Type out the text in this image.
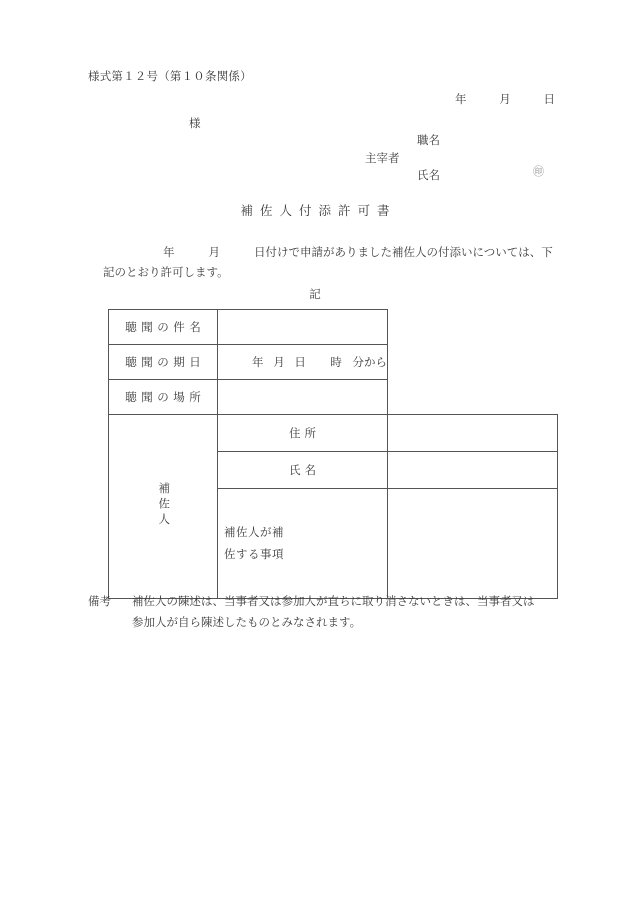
様式第１２号（第１０条関係）
年	月	日
様
職名
主宰者
氏名	㊞
補佐人付添許可書
年	月	日付けで申請がありました補佐人の付添いについては、下記のとおり許可します。
記
聴聞の件名		

聴聞の期日	年 月 日 時 分から	

聴聞の場所		

補佐人	住所	

	氏名	

	補佐人が補
佐する事項	

備考 補佐人の陳述は、当事者又は参加人が直ちに取り消さないときは、当事者又は
参加人が自ら陳述したものとみなされます。
